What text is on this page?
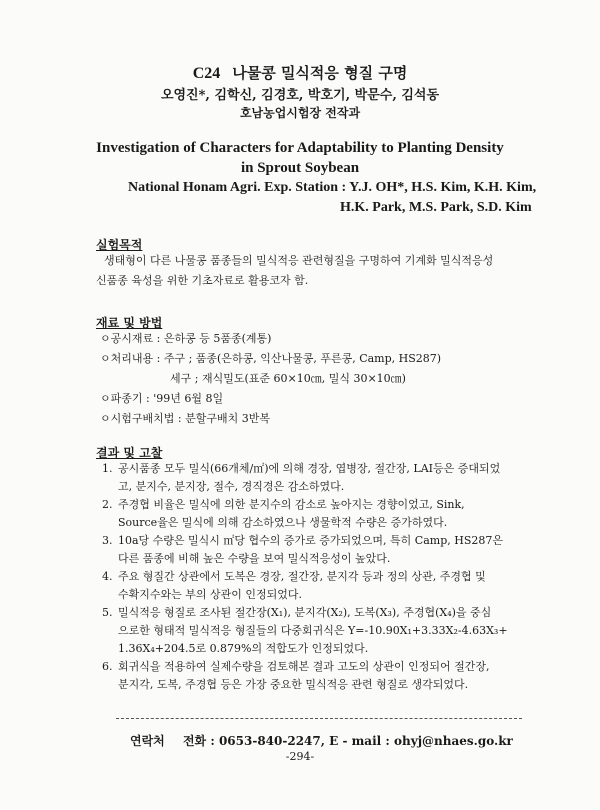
C24 나물콩 밀식적응 형질 구명
오영진*, 김학신, 김경호, 박호기, 박문수, 김석동
호남농업시험장 전작과
Investigation of Characters for Adaptability to Planting Density
in Sprout Soybean
National Honam Agri. Exp. Station : Y.J. OH*, H.S. Kim, K.H. Kim,
H.K. Park, M.S. Park, S.D. Kim
실험목적
생태형이 다른 나물콩 품종들의 밀식적응 관련형질을 구명하여 기계화 밀식적응성
신품종 육성을 위한 기초자료로 활용코자 함.
재료 및 방법
ㅇ공시재료 : 은하콩 등 5품종(계통)
ㅇ처리내용 : 주구 ; 품종(은하콩, 익산나물콩, 푸른콩, Camp, HS287)
세구 ; 재식밀도(표준 60×10㎝, 밀식 30×10㎝)
ㅇ파종기 : '99년 6월 8일
ㅇ시험구배치법 : 분할구배치 3반복
결과 및 고찰
1. 공시품종 모두 밀식(66개체/㎡)에 의해 경장, 엽병장, 절간장, LAI등은 증대되었
고, 분지수, 분지장, 절수, 경직경은 감소하였다.
2. 주경협 비율은 밀식에 의한 분지수의 감소로 높아지는 경향이었고, Sink,
Source율은 밀식에 의해 감소하였으나 생물학적 수량은 증가하였다.
3. 10a당 수량은 밀식시 ㎡당 협수의 증가로 증가되었으며, 특히 Camp, HS287은
다른 품종에 비해 높은 수량을 보여 밀식적응성이 높았다.
4. 주요 형질간 상관에서 도복은 경장, 절간장, 분지각 등과 정의 상관, 주경협 및
수확지수와는 부의 상관이 인정되었다.
5. 밀식적응 형질로 조사된 절간장(X₁), 분지각(X₂), 도복(X₃), 주경협(X₄)을 중심
으로한 형태적 밀식적응 형질들의 다중회귀식은 Y=-10.90X₁+3.33X₂-4.63X₃+
1.36X₄+204.5로 0.879%의 적합도가 인정되었다.
6. 회귀식을 적용하여 실제수량을 검토해본 결과 고도의 상관이 인정되어 절간장,
분지각, 도복, 주경협 등은 가장 중요한 밀식적응 관련 형질로 생각되었다.
연락처 전화 : 0653-840-2247, E - mail : ohyj@nhaes.go.kr
-294-
